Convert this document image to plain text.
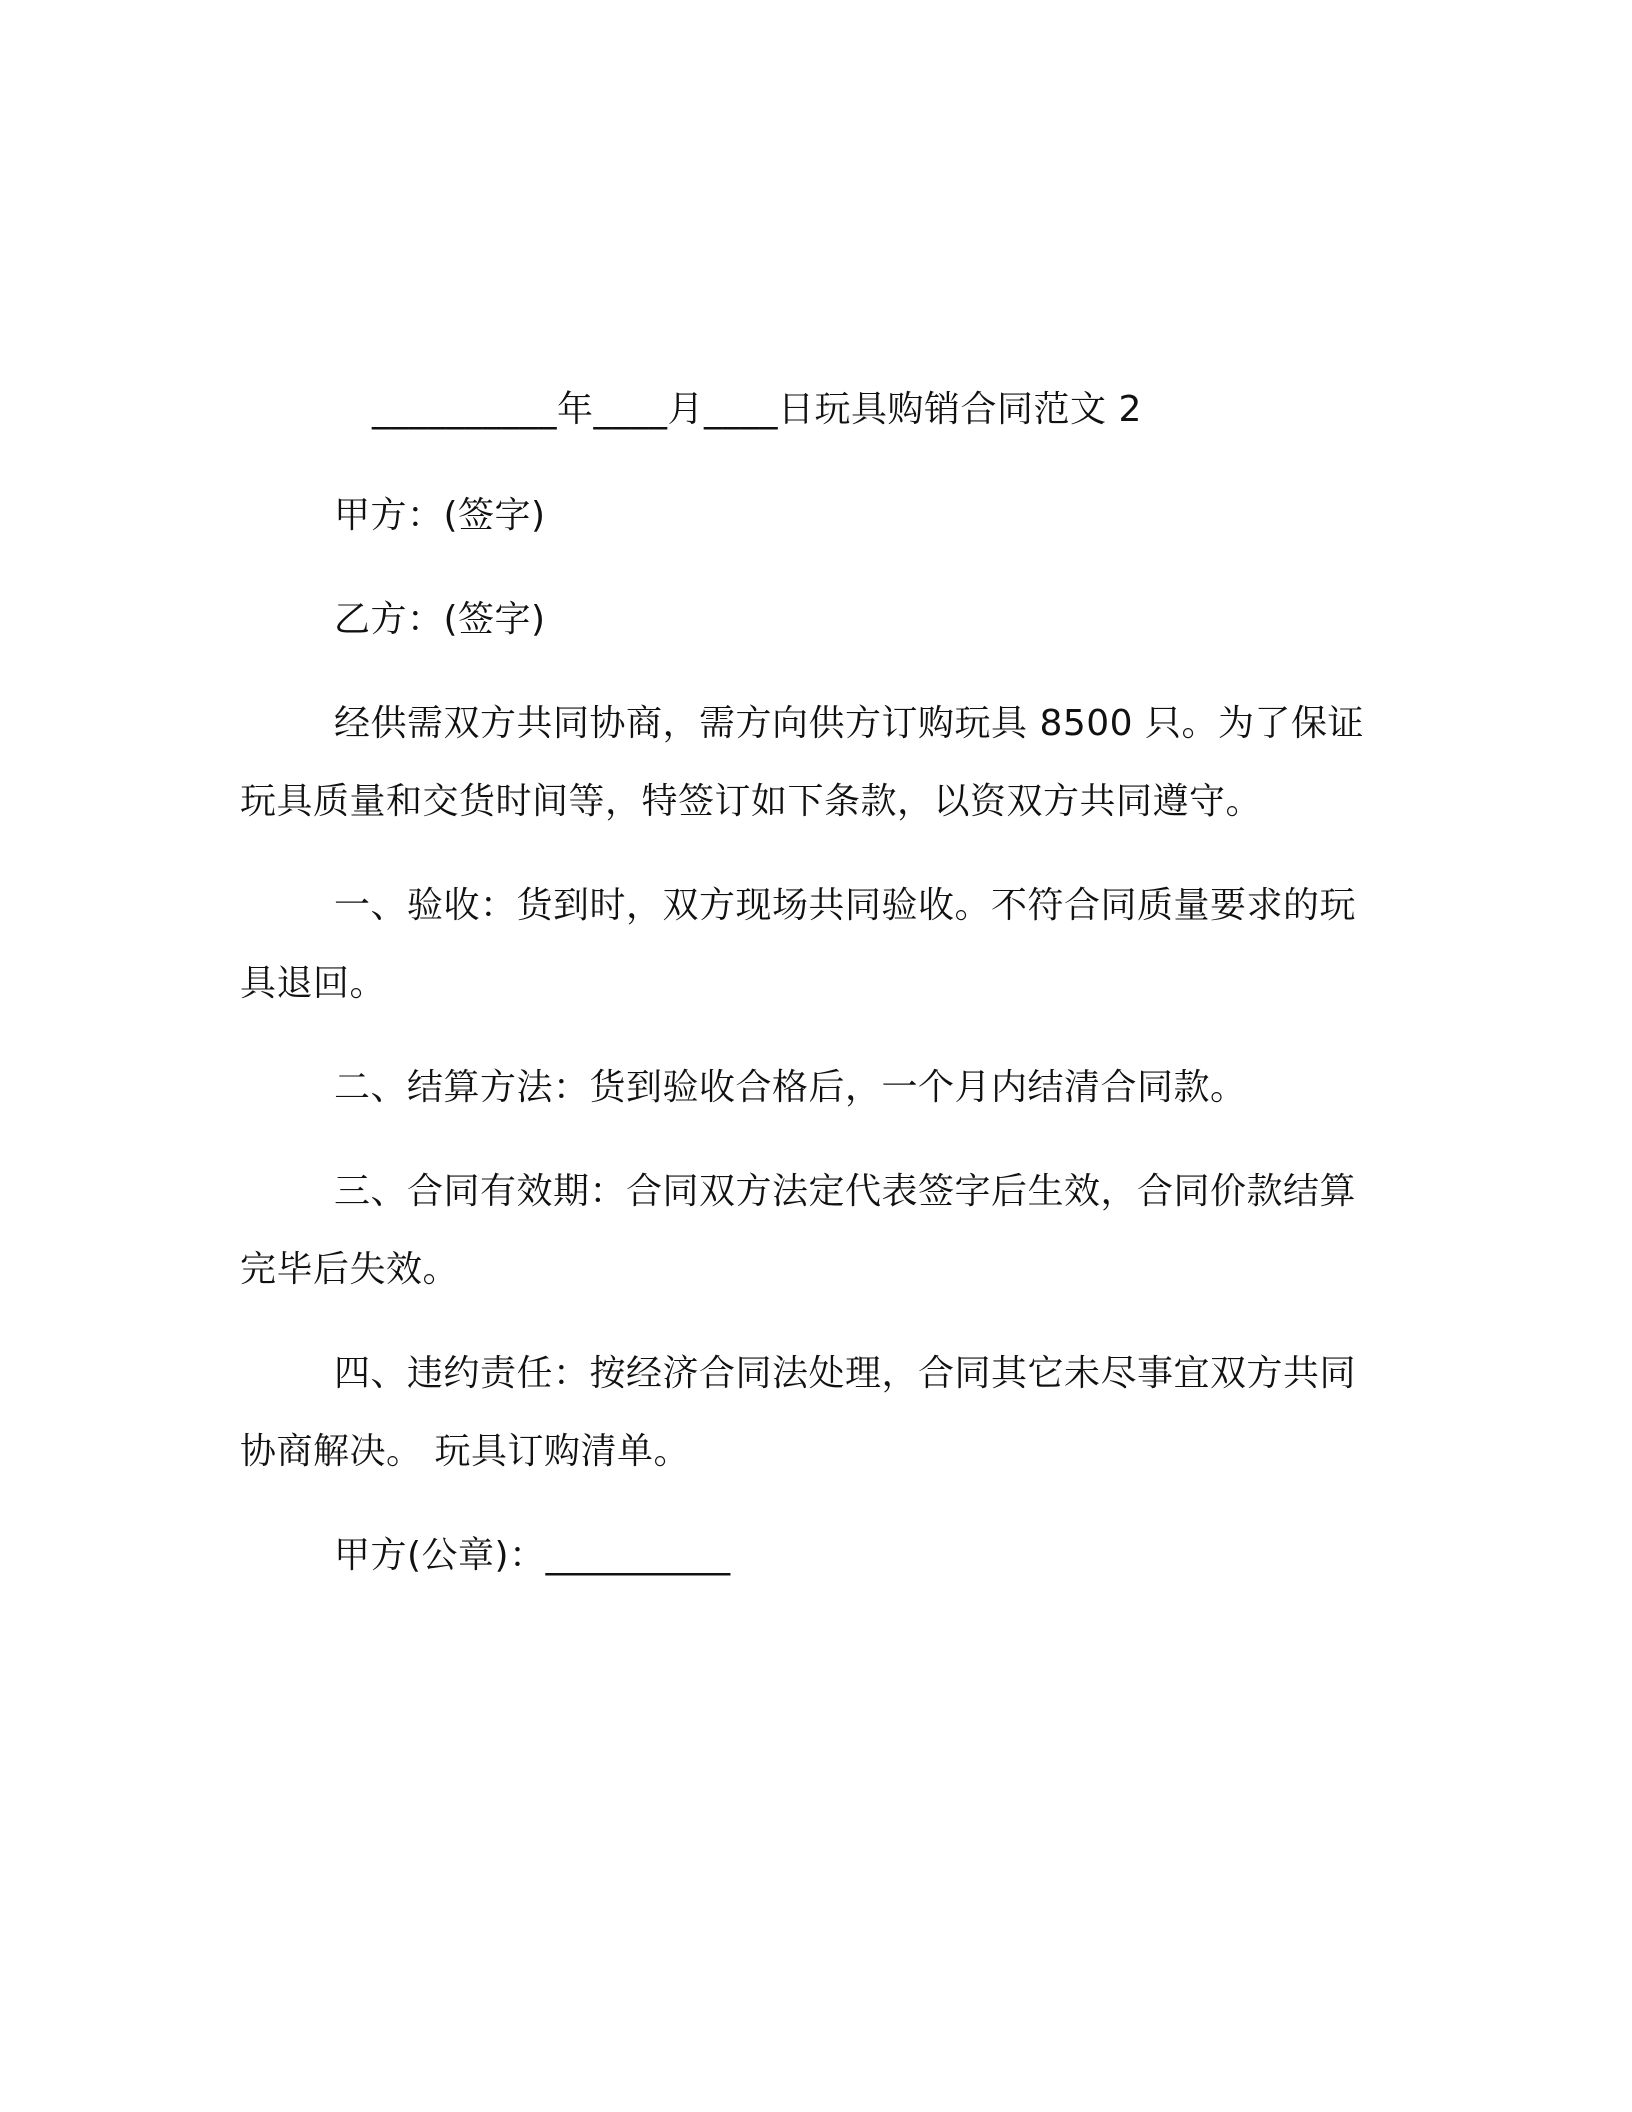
__________年____月____日玩具购销合同范文 2
甲方：(签字)
乙方：(签字)
经供需双方共同协商，需方向供方订购玩具 8500 只。为了保证
玩具质量和交货时间等，特签订如下条款，以资双方共同遵守。
一、验收：货到时，双方现场共同验收。不符合同质量要求的玩
具退回。
二、结算方法：货到验收合格后，一个月内结清合同款。
三、合同有效期：合同双方法定代表签字后生效，合同价款结算
完毕后失效。
四、违约责任：按经济合同法处理，合同其它未尽事宜双方共同
协商解决。 玩具订购清单。
甲方(公章)：__________
